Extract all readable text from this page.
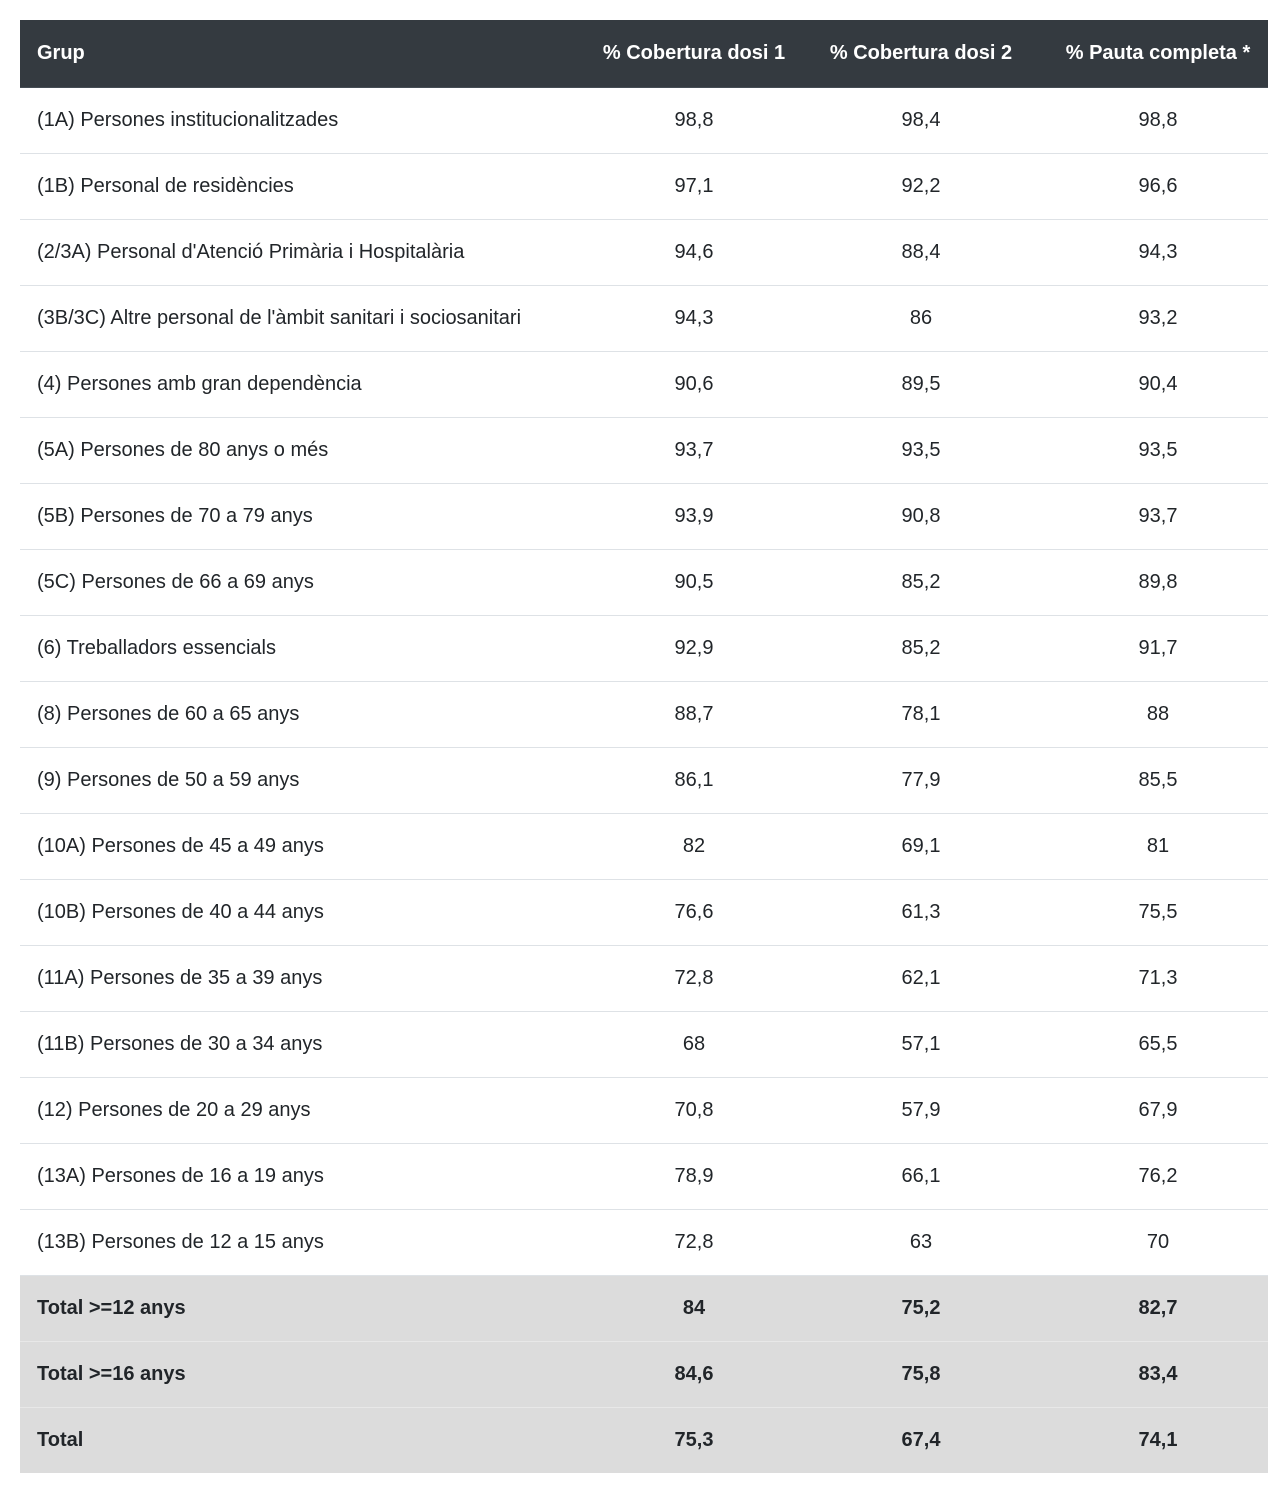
Grup	% Cobertura dosi 1	% Cobertura dosi 2	% Pauta completa *
(1A) Persones institucionalitzades	98,8	98,4	98,8
(1B) Personal de residències	97,1	92,2	96,6
(2/3A) Personal d'Atenció Primària i Hospitalària	94,6	88,4	94,3
(3B/3C) Altre personal de l'àmbit sanitari i sociosanitari	94,3	86	93,2
(4) Persones amb gran dependència	90,6	89,5	90,4
(5A) Persones de 80 anys o més	93,7	93,5	93,5
(5B) Persones de 70 a 79 anys	93,9	90,8	93,7
(5C) Persones de 66 a 69 anys	90,5	85,2	89,8
(6) Treballadors essencials	92,9	85,2	91,7
(8) Persones de 60 a 65 anys	88,7	78,1	88
(9) Persones de 50 a 59 anys	86,1	77,9	85,5
(10A) Persones de 45 a 49 anys	82	69,1	81
(10B) Persones de 40 a 44 anys	76,6	61,3	75,5
(11A) Persones de 35 a 39 anys	72,8	62,1	71,3
(11B) Persones de 30 a 34 anys	68	57,1	65,5
(12) Persones de 20 a 29 anys	70,8	57,9	67,9
(13A) Persones de 16 a 19 anys	78,9	66,1	76,2
(13B) Persones de 12 a 15 anys	72,8	63	70
Total >=12 anys	84	75,2	82,7
Total >=16 anys	84,6	75,8	83,4
Total	75,3	67,4	74,1
